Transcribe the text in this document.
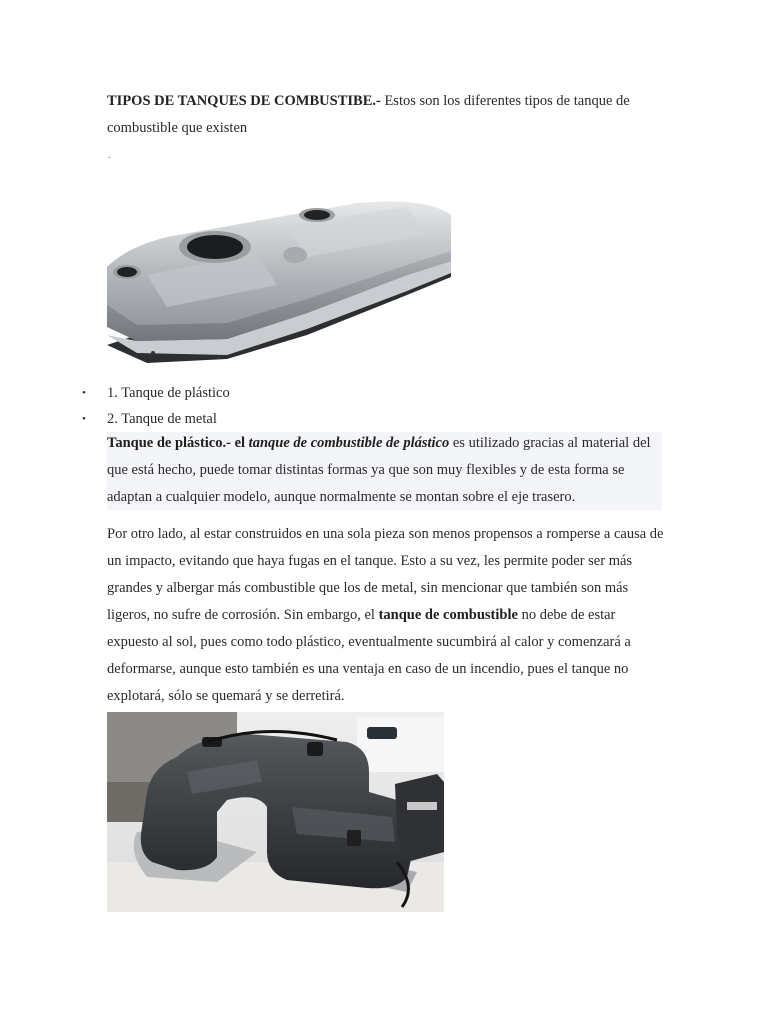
TIPOS DE TANQUES DE COMBUSTIBE.- Estos son los diferentes tipos de tanque de combustible que existen

.
•	1. Tanque de plástico
•	2. Tanque de metal

Tanque de plástico.- el tanque de combustible de plástico es utilizado gracias al material del que está hecho, puede tomar distintas formas ya que son muy flexibles y de esta forma se adaptan a cualquier modelo, aunque normalmente se montan sobre el eje trasero.

Por otro lado, al estar construidos en una sola pieza son menos propensos a romperse a causa de un impacto, evitando que haya fugas en el tanque. Esto a su vez, les permite poder ser más grandes y albergar más combustible que los de metal, sin mencionar que también son más ligeros, no sufre de corrosión. Sin embargo, el tanque de combustible no debe de estar expuesto al sol, pues como todo plástico, eventualmente sucumbirá al calor y comenzará a deformarse, aunque esto también es una ventaja en caso de un incendio, pues el tanque no explotará, sólo se quemará y se derretirá.
